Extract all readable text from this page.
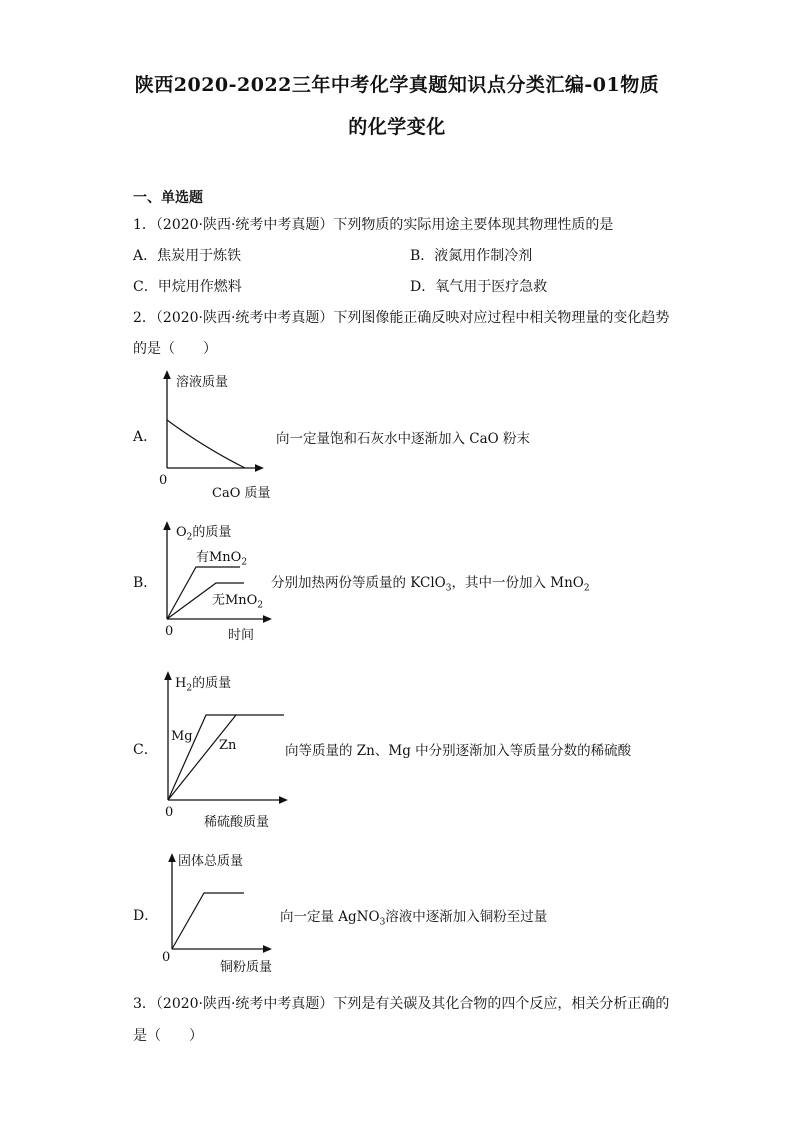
陕西2020-2022三年中考化学真题知识点分类汇编-01物质
的化学变化
一、单选题
1．（2020·陕西·统考中考真题）下列物质的实际用途主要体现其物理性质的是
A．焦炭用于炼铁	B．液氮用作制冷剂
C．甲烷用作燃料	D．氧气用于医疗急救
2．（2020·陕西·统考中考真题）下列图像能正确反映对应过程中相关物理量的变化趋势
的是（　　）
A．
溶液质量
0
CaO 质量
向一定量饱和石灰水中逐渐加入 CaO 粉末
B．
$O_2$的质量
有MnO$_2$
无MnO$_2$
0	时间
分别加热两份等质量的 KClO$_3$，其中一份加入 MnO$_2$
C．
$H_2$的质量
Mg
Zn
0
稀硫酸质量
向等质量的 Zn、Mg 中分别逐渐加入等质量分数的稀硫酸
D．
固体总质量
0
铜粉质量
向一定量 AgNO$_3$溶液中逐渐加入铜粉至过量
3．（2020·陕西·统考中考真题）下列是有关碳及其化合物的四个反应，相关分析正确的
是（　　）
